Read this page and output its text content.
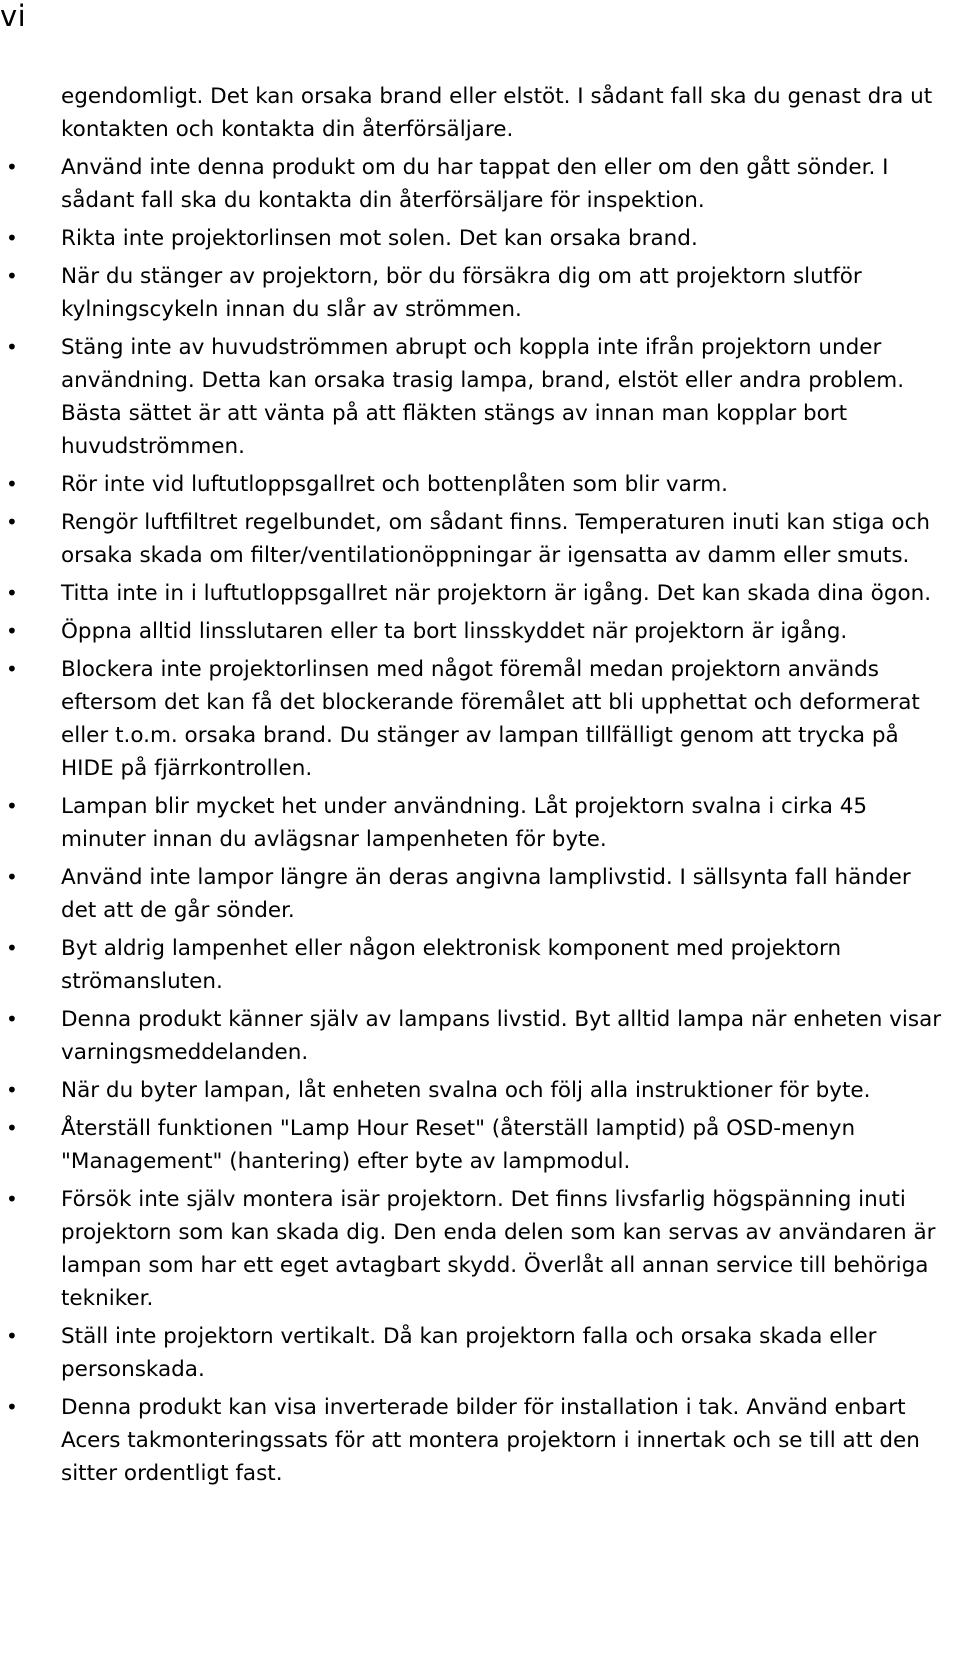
vi

egendomligt. Det kan orsaka brand eller elstöt. I sådant fall ska du genast dra ut kontakten och kontakta din återförsäljare.

• Använd inte denna produkt om du har tappat den eller om den gått sönder. I sådant fall ska du kontakta din återförsäljare för inspektion.
• Rikta inte projektorlinsen mot solen. Det kan orsaka brand.
• När du stänger av projektorn, bör du försäkra dig om att projektorn slutför kylningscykeln innan du slår av strömmen.
• Stäng inte av huvudströmmen abrupt och koppla inte ifrån projektorn under användning. Detta kan orsaka trasig lampa, brand, elstöt eller andra problem. Bästa sättet är att vänta på att fläkten stängs av innan man kopplar bort huvudströmmen.
• Rör inte vid luftutloppsgallret och bottenplåten som blir varm.
• Rengör luftfiltret regelbundet, om sådant finns. Temperaturen inuti kan stiga och orsaka skada om filter/ventilationöppningar är igensatta av damm eller smuts.
• Titta inte in i luftutloppsgallret när projektorn är igång. Det kan skada dina ögon.
• Öppna alltid linsslutaren eller ta bort linsskyddet när projektorn är igång.
• Blockera inte projektorlinsen med något föremål medan projektorn används eftersom det kan få det blockerande föremålet att bli upphettat och deformerat eller t.o.m. orsaka brand. Du stänger av lampan tillfälligt genom att trycka på HIDE på fjärrkontrollen.
• Lampan blir mycket het under användning. Låt projektorn svalna i cirka 45 minuter innan du avlägsnar lampenheten för byte.
• Använd inte lampor längre än deras angivna lamplivstid. I sällsynta fall händer det att de går sönder.
• Byt aldrig lampenhet eller någon elektronisk komponent med projektorn strömansluten.
• Denna produkt känner själv av lampans livstid. Byt alltid lampa när enheten visar varningsmeddelanden.
• När du byter lampan, låt enheten svalna och följ alla instruktioner för byte.
• Återställ funktionen "Lamp Hour Reset" (återställ lamptid) på OSD-menyn "Management" (hantering) efter byte av lampmodul.
• Försök inte själv montera isär projektorn. Det finns livsfarlig högspänning inuti projektorn som kan skada dig. Den enda delen som kan servas av användaren är lampan som har ett eget avtagbart skydd. Överlåt all annan service till behöriga tekniker.
• Ställ inte projektorn vertikalt. Då kan projektorn falla och orsaka skada eller personskada.
• Denna produkt kan visa inverterade bilder för installation i tak. Använd enbart Acers takmonteringssats för att montera projektorn i innertak och se till att den sitter ordentligt fast.
